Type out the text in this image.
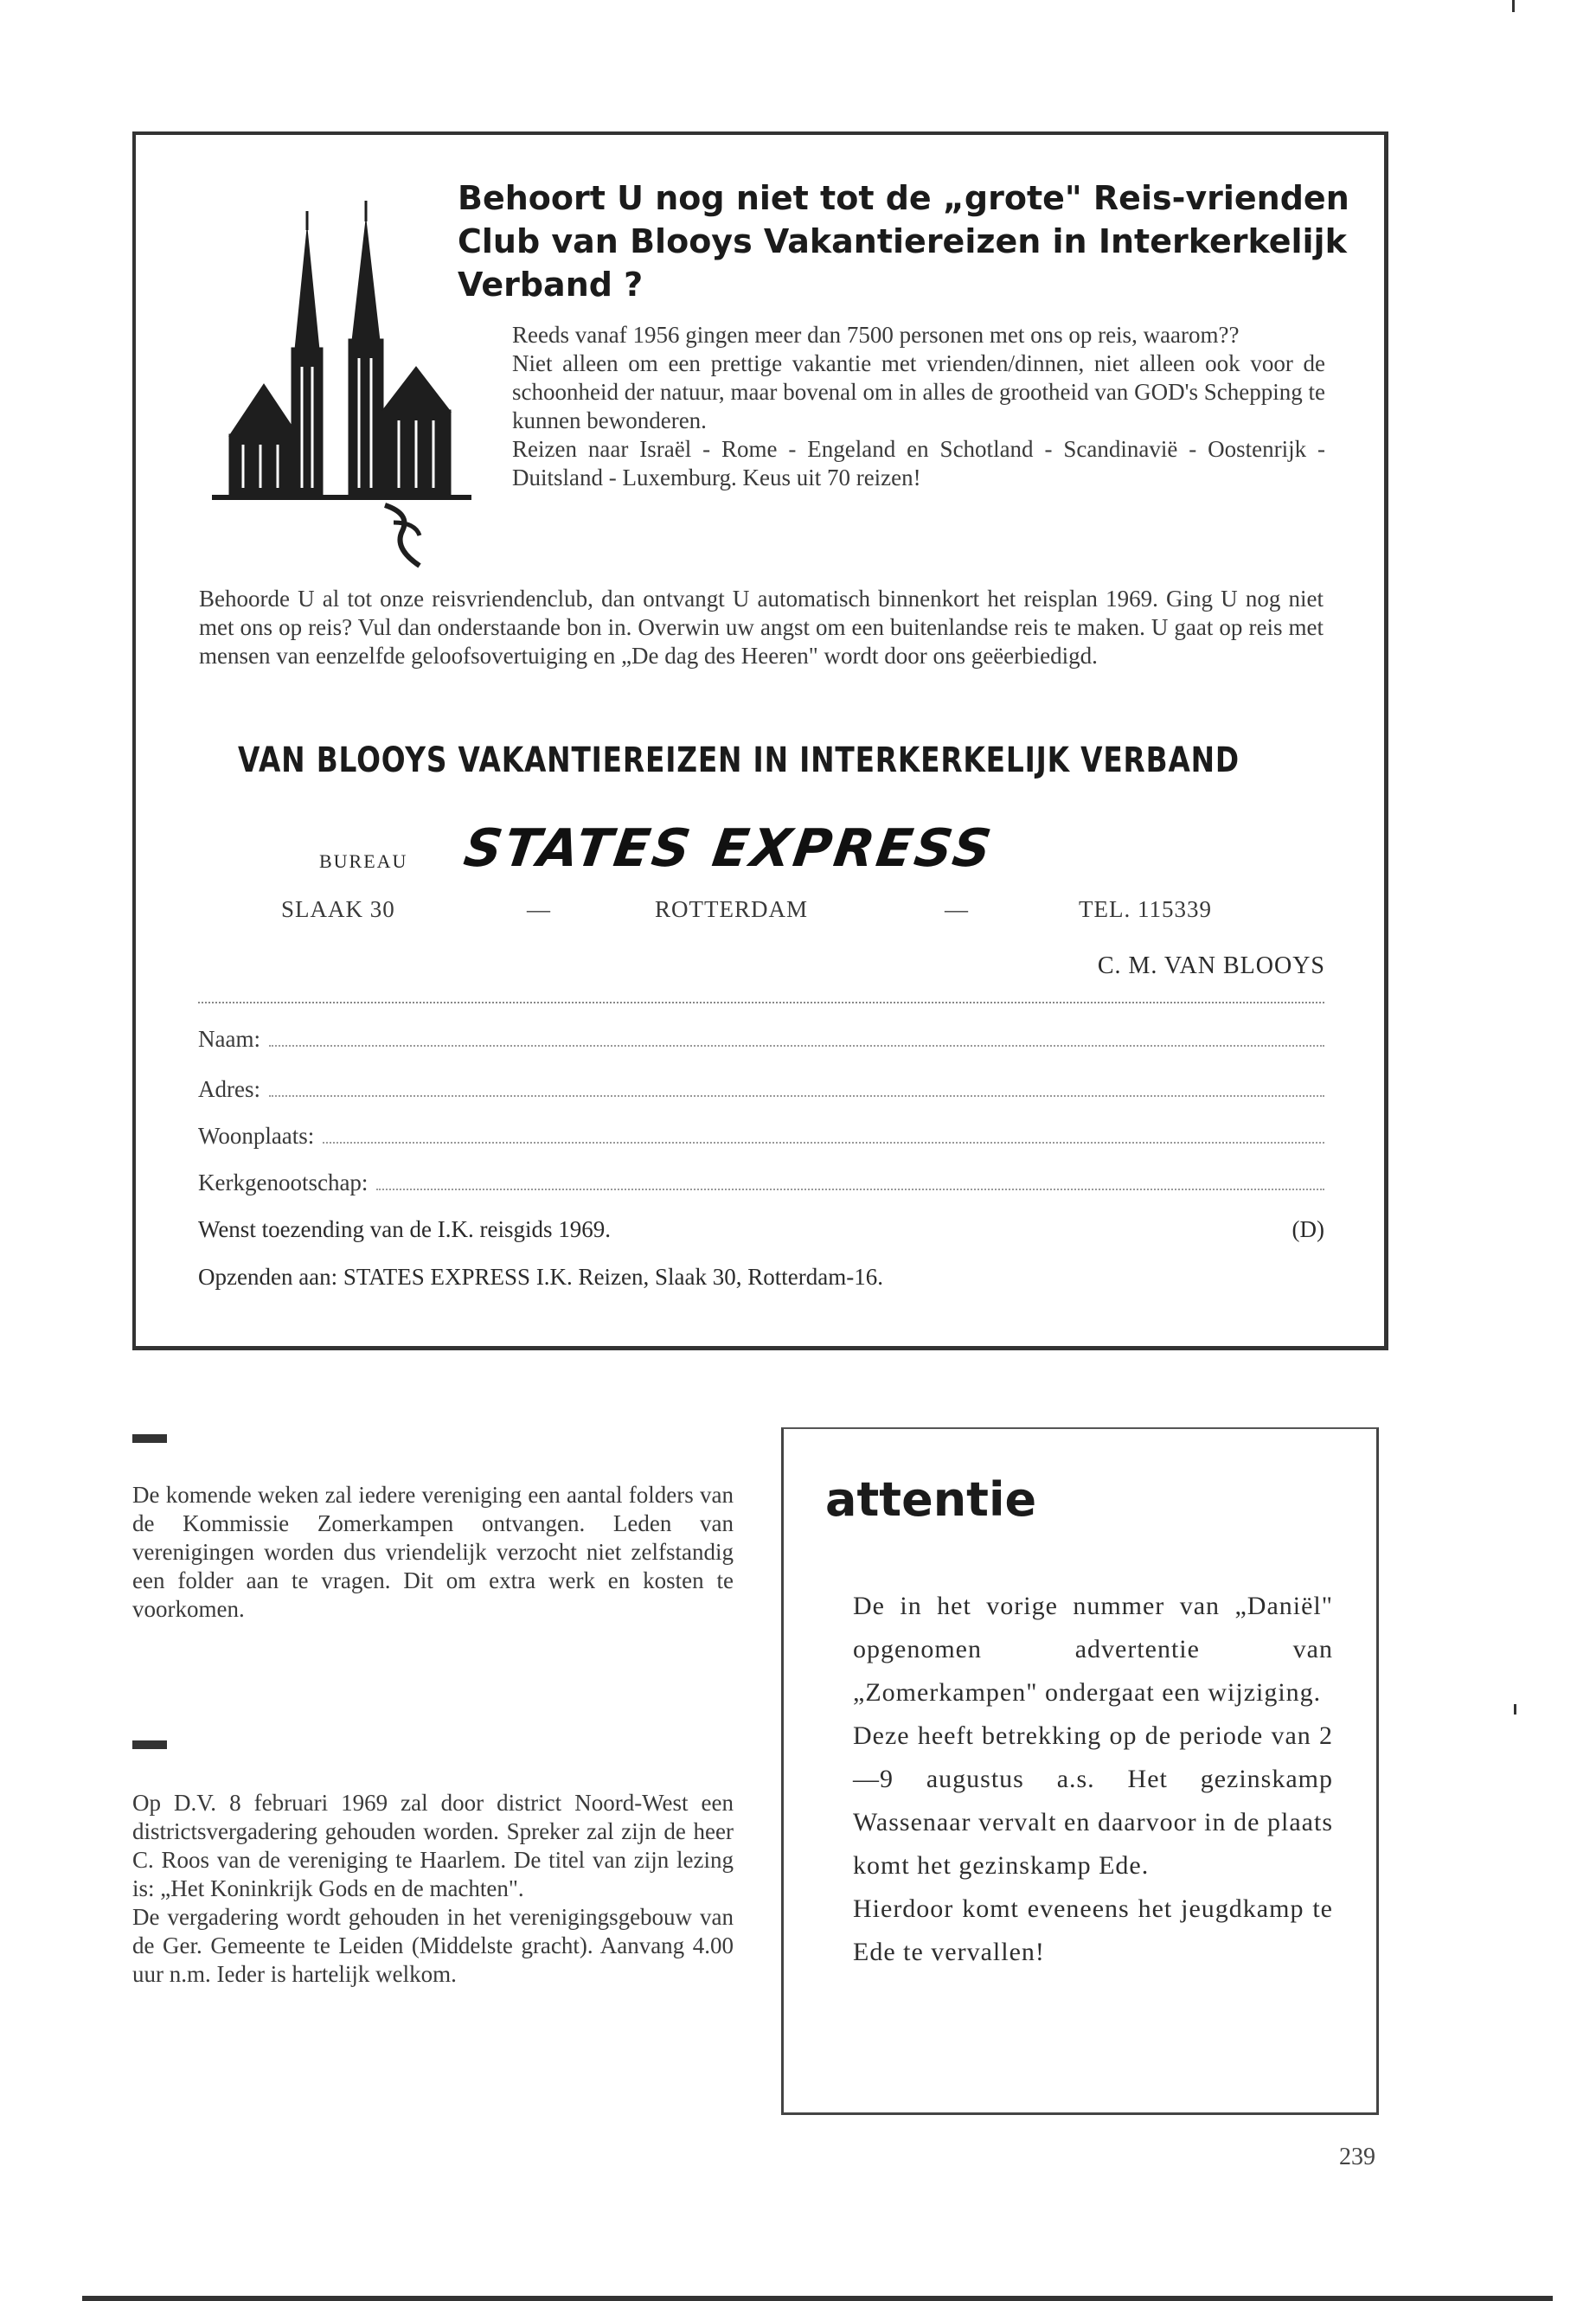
Behoort U nog niet tot de „grote" Reis-vrienden Club van Blooys Vakantiereizen in Interkerkelijk Verband ?

Reeds vanaf 1956 gingen meer dan 7500 personen met ons op reis, waarom??

Niet alleen om een prettige vakantie met vrienden/dinnen, niet alleen ook voor de schoonheid der natuur, maar bovenal om in alles de grootheid van GOD's Schepping te kunnen bewonderen.

Reizen naar Israël - Rome - Engeland en Schotland - Scandinavië - Oostenrijk - Duitsland - Luxemburg. Keus uit 70 reizen!

Behoorde U al tot onze reisvriendenclub, dan ontvangt U automatisch binnenkort het reisplan 1969. Ging U nog niet met ons op reis? Vul dan onderstaande bon in. Overwin uw angst om een buitenlandse reis te maken. U gaat op reis met mensen van eenzelfde geloofsovertuiging en „De dag des Heeren" wordt door ons geëerbiedigd.
VAN BLOOYS VAKANTIEREIZEN IN INTERKERKELIJK VERBAND
BUREAU STATES EXPRESS
SLAAK 30	—	ROTTERDAM	—	TEL. 115339
C. M. VAN BLOOYS
Naam:
Adres:
Woonplaats:
Kerkgenootschap:
Wenst toezending van de I.K. reisgids 1969.	(D)
Opzenden aan: STATES EXPRESS I.K. Reizen, Slaak 30, Rotterdam-16.
De komende weken zal iedere vereniging een aantal folders van de Kommissie Zomerkampen ontvangen. Leden van verenigingen worden dus vriendelijk verzocht niet zelfstandig een folder aan te vragen. Dit om extra werk en kosten te voorkomen.

Op D.V. 8 februari 1969 zal door district Noord-West een districtsvergadering gehouden worden. Spreker zal zijn de heer C. Roos van de vereniging te Haarlem. De titel van zijn lezing is: „Het Koninkrijk Gods en de machten".

De vergadering wordt gehouden in het verenigingsgebouw van de Ger. Gemeente te Leiden (Middelste gracht). Aanvang 4.00 uur n.m. Ieder is hartelijk welkom.

attentie

De in het vorige nummer van „Daniël" opgenomen advertentie van „Zomerkampen" ondergaat een wijziging.

Deze heeft betrekking op de periode van 2—9 augustus a.s. Het gezinskamp Wassenaar vervalt en daarvoor in de plaats komt het gezinskamp Ede.

Hierdoor komt eveneens het jeugdkamp te Ede te vervallen!

239
